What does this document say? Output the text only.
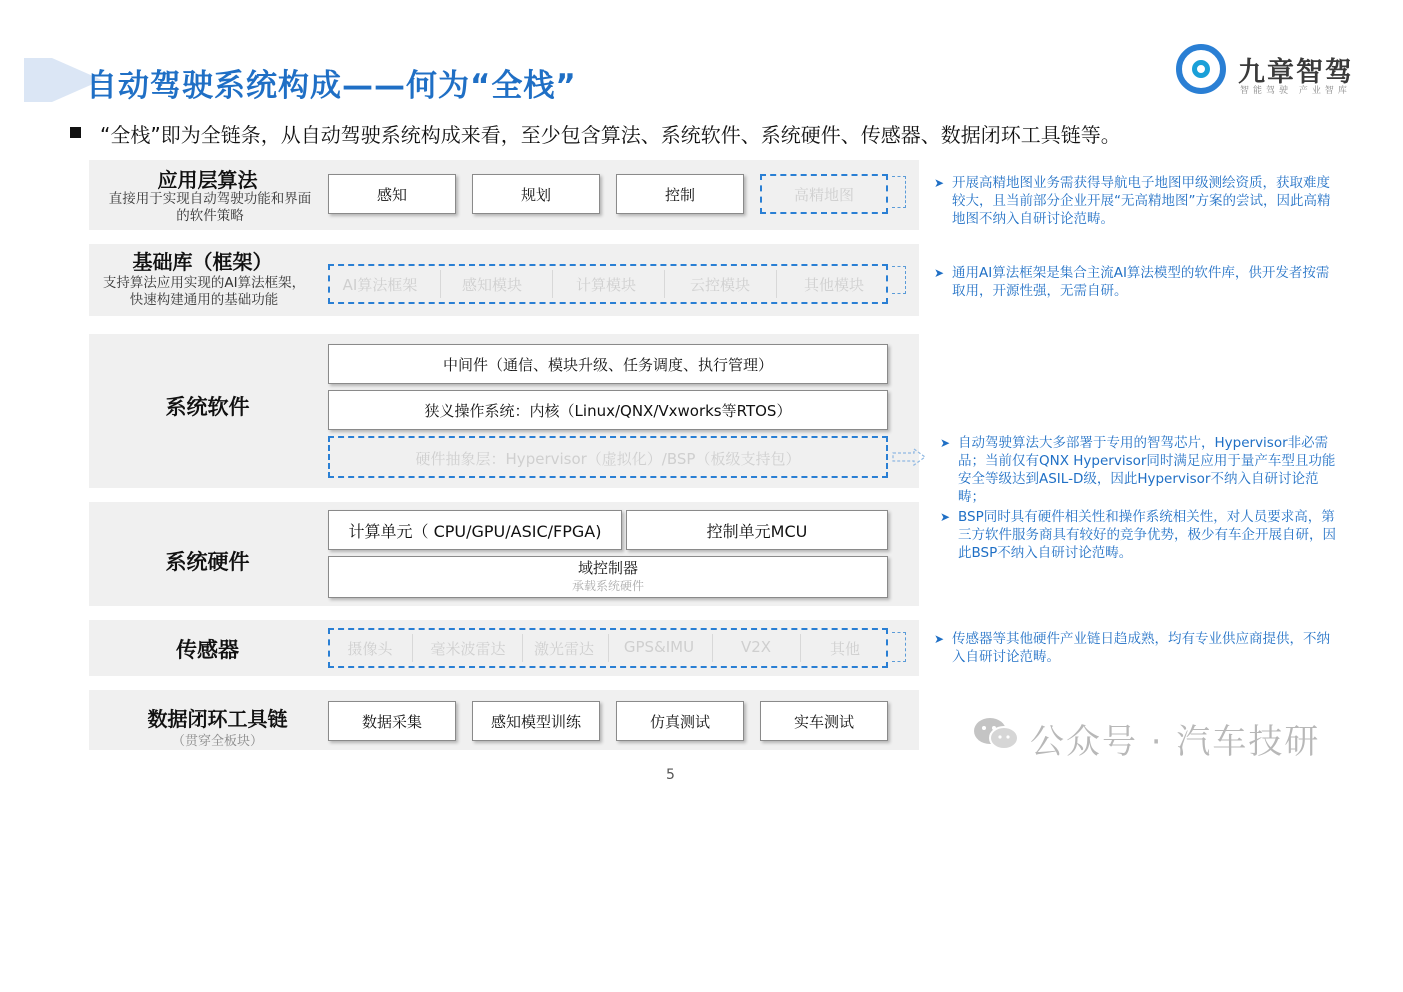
自动驾驶系统构成——何为“全栈”	九章智驾
智能驾驶 产业智库
“全栈”即为全链条，从自动驾驶系统构成来看，至少包含算法、系统软件、系统硬件、传感器、数据闭环工具链等。
应用层算法
直接用于实现自动驾驶功能和界面的软件策略
感知	规划	控制	高精地图
基础库（框架）
支持算法应用实现的AI算法框架，快速构建通用的基础功能
AI算法框架	感知模块	计算模块	云控模块	其他模块
系统软件
中间件（通信、模块升级、任务调度、执行管理）
狭义操作系统：内核（Linux/QNX/Vxworks等RTOS）
硬件抽象层：Hypervisor（虚拟化）/BSP（板级支持包）
系统硬件
计算单元（ CPU/GPU/ASIC/FPGA)	控制单元MCU
域控制器
承载系统硬件
传感器	摄像头	毫米波雷达	激光雷达	GPS&IMU	V2X	其他
数据闭环工具链
（贯穿全板块）
数据采集	感知模型训练	仿真测试	实车测试
➤ 开展高精地图业务需获得导航电子地图甲级测绘资质，获取难度较大，且当前部分企业开展“无高精地图”方案的尝试，因此高精地图不纳入自研讨论范畴。
➤ 通用AI算法框架是集合主流AI算法模型的软件库，供开发者按需取用，开源性强，无需自研。
➤ 自动驾驶算法大多部署于专用的智驾芯片，Hypervisor非必需品；当前仅有QNX Hypervisor同时满足应用于量产车型且功能安全等级达到ASIL-D级，因此Hypervisor不纳入自研讨论范畴；
➤ BSP同时具有硬件相关性和操作系统相关性，对人员要求高，第三方软件服务商具有较好的竞争优势，极少有车企开展自研，因此BSP不纳入自研讨论范畴。
➤ 传感器等其他硬件产业链日趋成熟，均有专业供应商提供，不纳入自研讨论范畴。
公众号 · 汽车技研
5
